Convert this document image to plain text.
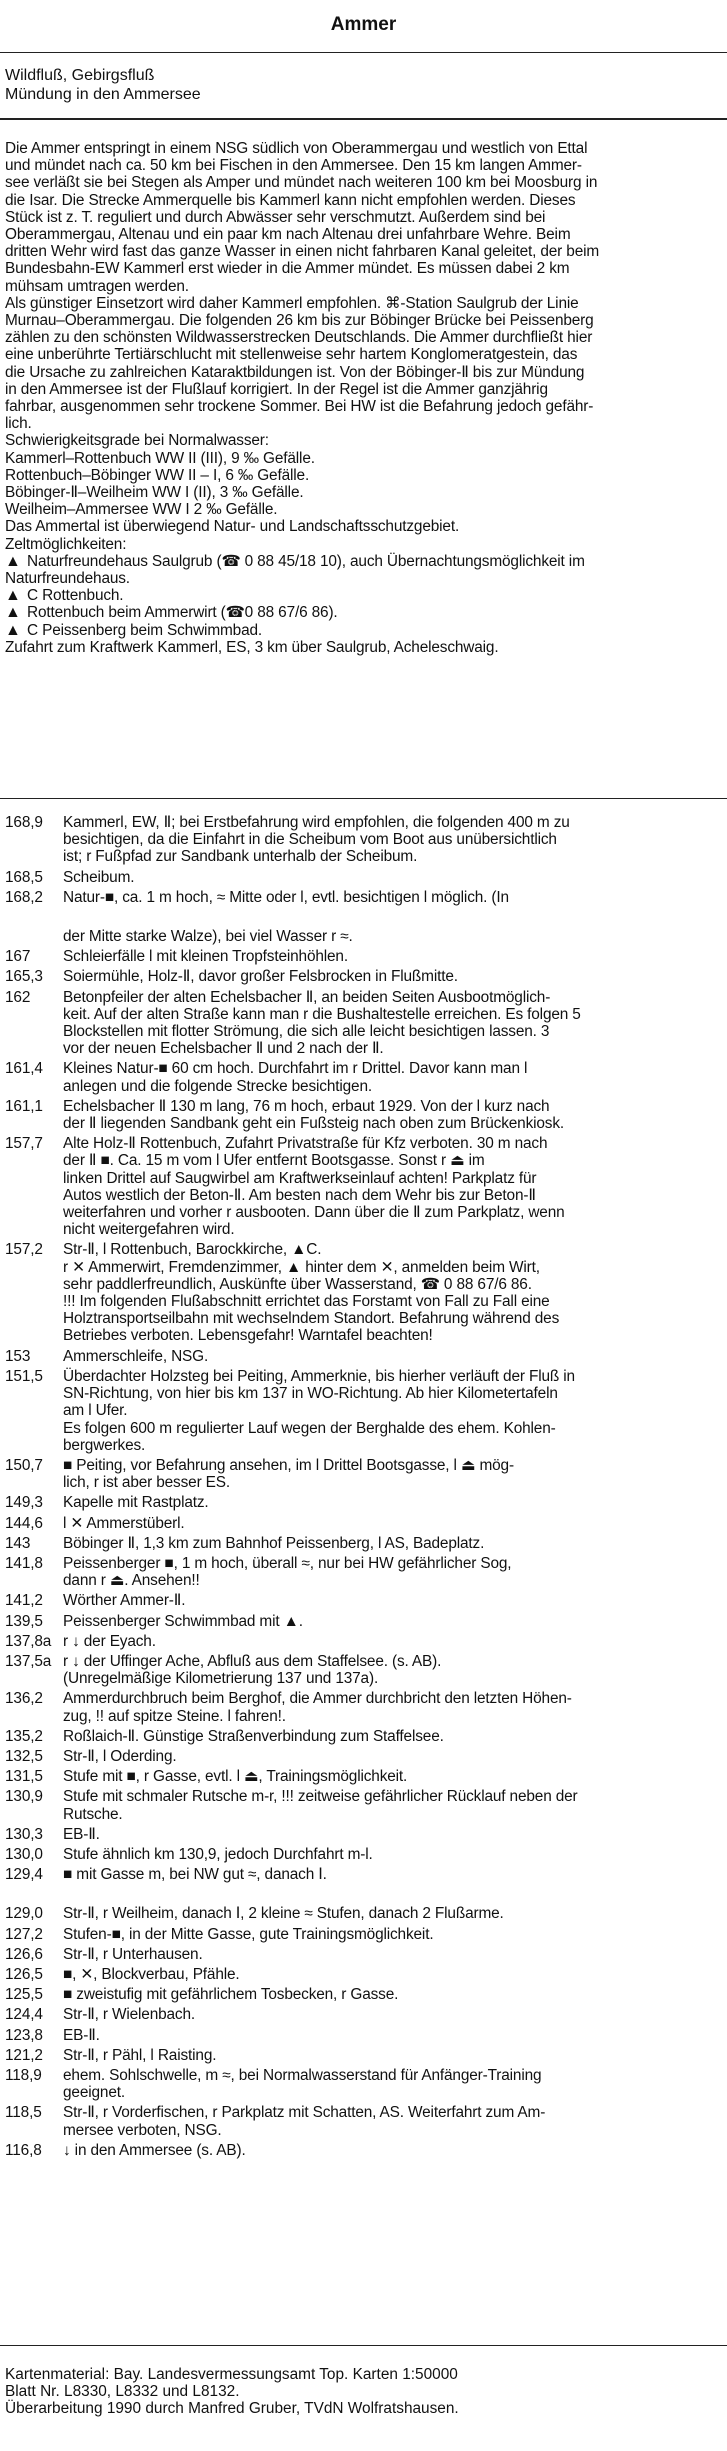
Ammer
Wildfluß, Gebirgsfluß
Mündung in den Ammersee
Die Ammer entspringt in einem NSG südlich von Oberammergau und westlich von Ettal
und mündet nach ca. 50 km bei Fischen in den Ammersee. Den 15 km langen Ammer-
see verläßt sie bei Stegen als Amper und mündet nach weiteren 100 km bei Moosburg in
die Isar. Die Strecke Ammerquelle bis Kammerl kann nicht empfohlen werden. Dieses
Stück ist z. T. reguliert und durch Abwässer sehr verschmutzt. Außerdem sind bei
Oberammergau, Altenau und ein paar km nach Altenau drei unfahrbare Wehre. Beim
dritten Wehr wird fast das ganze Wasser in einen nicht fahrbaren Kanal geleitet, der beim
Bundesbahn-EW Kammerl erst wieder in die Ammer mündet. Es müssen dabei 2 km
mühsam umtragen werden.
Als günstiger Einsetzort wird daher Kammerl empfohlen. ⌘-Station Saulgrub der Linie
Murnau–Oberammergau. Die folgenden 26 km bis zur Böbinger Brücke bei Peissenberg
zählen zu den schönsten Wildwasserstrecken Deutschlands. Die Ammer durchfließt hier
eine unberührte Tertiärschlucht mit stellenweise sehr hartem Konglomeratgestein, das
die Ursache zu zahlreichen Kataraktbildungen ist. Von der Böbinger-Ⅱ bis zur Mündung
in den Ammersee ist der Flußlauf korrigiert. In der Regel ist die Ammer ganzjährig
fahrbar, ausgenommen sehr trockene Sommer. Bei HW ist die Befahrung jedoch gefähr-
lich.
Schwierigkeitsgrade bei Normalwasser:
Kammerl–Rottenbuch WW II (III), 9 ‰ Gefälle.
Rottenbuch–Böbinger WW II – I, 6 ‰ Gefälle.
Böbinger-Ⅱ–Weilheim WW I (II), 3 ‰ Gefälle.
Weilheim–Ammersee WW I 2 ‰ Gefälle.
Das Ammertal ist überwiegend Natur- und Landschaftsschutzgebiet.
Zeltmöglichkeiten:
▲ Naturfreundehaus Saulgrub (☎ 0 88 45/18 10), auch Übernachtungsmöglichkeit im
Naturfreundehaus.
▲ C Rottenbuch.
▲ Rottenbuch beim Ammerwirt (☎0 88 67/6 86).
▲ C Peissenberg beim Schwimmbad.
Zufahrt zum Kraftwerk Kammerl, ES, 3 km über Saulgrub, Acheleschwaig.
168,9	Kammerl, EW, Ⅱ; bei Erstbefahrung wird empfohlen, die folgenden 400 m zu
besichtigen, da die Einfahrt in die Scheibum vom Boot aus unübersichtlich
ist; r Fußpfad zur Sandbank unterhalb der Scheibum.
168,5	Scheibum.
168,2	Natur-■, ca. 1 m hoch, ≈ Mitte oder l, evtl. besichtigen l möglich. (In
der Mitte starke Walze), bei viel Wasser r ≈.
167	Schleierfälle l mit kleinen Tropfsteinhöhlen.
165,3	Soiermühle, Holz-Ⅱ, davor großer Felsbrocken in Flußmitte.
162	Betonpfeiler der alten Echelsbacher Ⅱ, an beiden Seiten Ausbootmöglich-
keit. Auf der alten Straße kann man r die Bushaltestelle erreichen. Es folgen 5
Blockstellen mit flotter Strömung, die sich alle leicht besichtigen lassen. 3
vor der neuen Echelsbacher Ⅱ und 2 nach der Ⅱ.
161,4	Kleines Natur-■ 60 cm hoch. Durchfahrt im r Drittel. Davor kann man l
anlegen und die folgende Strecke besichtigen.
161,1	Echelsbacher Ⅱ 130 m lang, 76 m hoch, erbaut 1929. Von der l kurz nach
der Ⅱ liegenden Sandbank geht ein Fußsteig nach oben zum Brückenkiosk.
157,7	Alte Holz-Ⅱ Rottenbuch, Zufahrt Privatstraße für Kfz verboten. 30 m nach
der Ⅱ ■. Ca. 15 m vom l Ufer entfernt Bootsgasse. Sonst r ⏏ im
linken Drittel auf Saugwirbel am Kraftwerkseinlauf achten! Parkplatz für
Autos westlich der Beton-Ⅱ. Am besten nach dem Wehr bis zur Beton-Ⅱ
weiterfahren und vorher r ausbooten. Dann über die Ⅱ zum Parkplatz, wenn
nicht weitergefahren wird.
157,2	Str-Ⅱ, l Rottenbuch, Barockkirche, ▲C.
r ✕ Ammerwirt, Fremdenzimmer, ▲ hinter dem ✕, anmelden beim Wirt,
sehr paddlerfreundlich, Auskünfte über Wasserstand, ☎ 0 88 67/6 86.
!!! Im folgenden Flußabschnitt errichtet das Forstamt von Fall zu Fall eine
Holztransportseilbahn mit wechselndem Standort. Befahrung während des
Betriebes verboten. Lebensgefahr! Warntafel beachten!
153	Ammerschleife, NSG.
151,5	Überdachter Holzsteg bei Peiting, Ammerknie, bis hierher verläuft der Fluß in
SN-Richtung, von hier bis km 137 in WO-Richtung. Ab hier Kilometertafeln
am l Ufer.
Es folgen 600 m regulierter Lauf wegen der Berghalde des ehem. Kohlen-
bergwerkes.
150,7	■ Peiting, vor Befahrung ansehen, im l Drittel Bootsgasse, l ⏏ mög-
lich, r ist aber besser ES.
149,3	Kapelle mit Rastplatz.
144,6	l ✕ Ammerstüberl.
143	Böbinger Ⅱ, 1,3 km zum Bahnhof Peissenberg, l AS, Badeplatz.
141,8	Peissenberger ■, 1 m hoch, überall ≈, nur bei HW gefährlicher Sog,
dann r ⏏. Ansehen!!
141,2	Wörther Ammer-Ⅱ.
139,5	Peissenberger Schwimmbad mit ▲.
137,8a r ↓ der Eyach.
137,5a r ↓ der Uffinger Ache, Abfluß aus dem Staffelsee. (s. AB).
(Unregelmäßige Kilometrierung 137 und 137a).
136,2	Ammerdurchbruch beim Berghof, die Ammer durchbricht den letzten Höhen-
zug, !! auf spitze Steine. l fahren!.
135,2	Roßlaich-Ⅱ. Günstige Straßenverbindung zum Staffelsee.
132,5	Str-Ⅱ, l Oderding.
131,5	Stufe mit ■, r Gasse, evtl. l ⏏, Trainingsmöglichkeit.
130,9	Stufe mit schmaler Rutsche m-r, !!! zeitweise gefährlicher Rücklauf neben der
Rutsche.
130,3	EB-Ⅱ.
130,0	Stufe ähnlich km 130,9, jedoch Durchfahrt m-l.
129,4	■ mit Gasse m, bei NW gut ≈, danach Ⅰ.
129,0	Str-Ⅱ, r Weilheim, danach Ⅰ, 2 kleine ≈ Stufen, danach 2 Flußarme.
127,2	Stufen-■, in der Mitte Gasse, gute Trainingsmöglichkeit.
126,6	Str-Ⅱ, r Unterhausen.
126,5	■, ✕, Blockverbau, Pfähle.
125,5	■ zweistufig mit gefährlichem Tosbecken, r Gasse.
124,4	Str-Ⅱ, r Wielenbach.
123,8	EB-Ⅱ.
121,2	Str-Ⅱ, r Pähl, l Raisting.
118,9	ehem. Sohlschwelle, m ≈, bei Normalwasserstand für Anfänger-Training
geeignet.
118,5	Str-Ⅱ, r Vorderfischen, r Parkplatz mit Schatten, AS. Weiterfahrt zum Am-
mersee verboten, NSG.
116,8	↓ in den Ammersee (s. AB).
Kartenmaterial: Bay. Landesvermessungsamt Top. Karten 1:50000
Blatt Nr. L8330, L8332 und L8132.
Überarbeitung 1990 durch Manfred Gruber, TVdN Wolfratshausen.
